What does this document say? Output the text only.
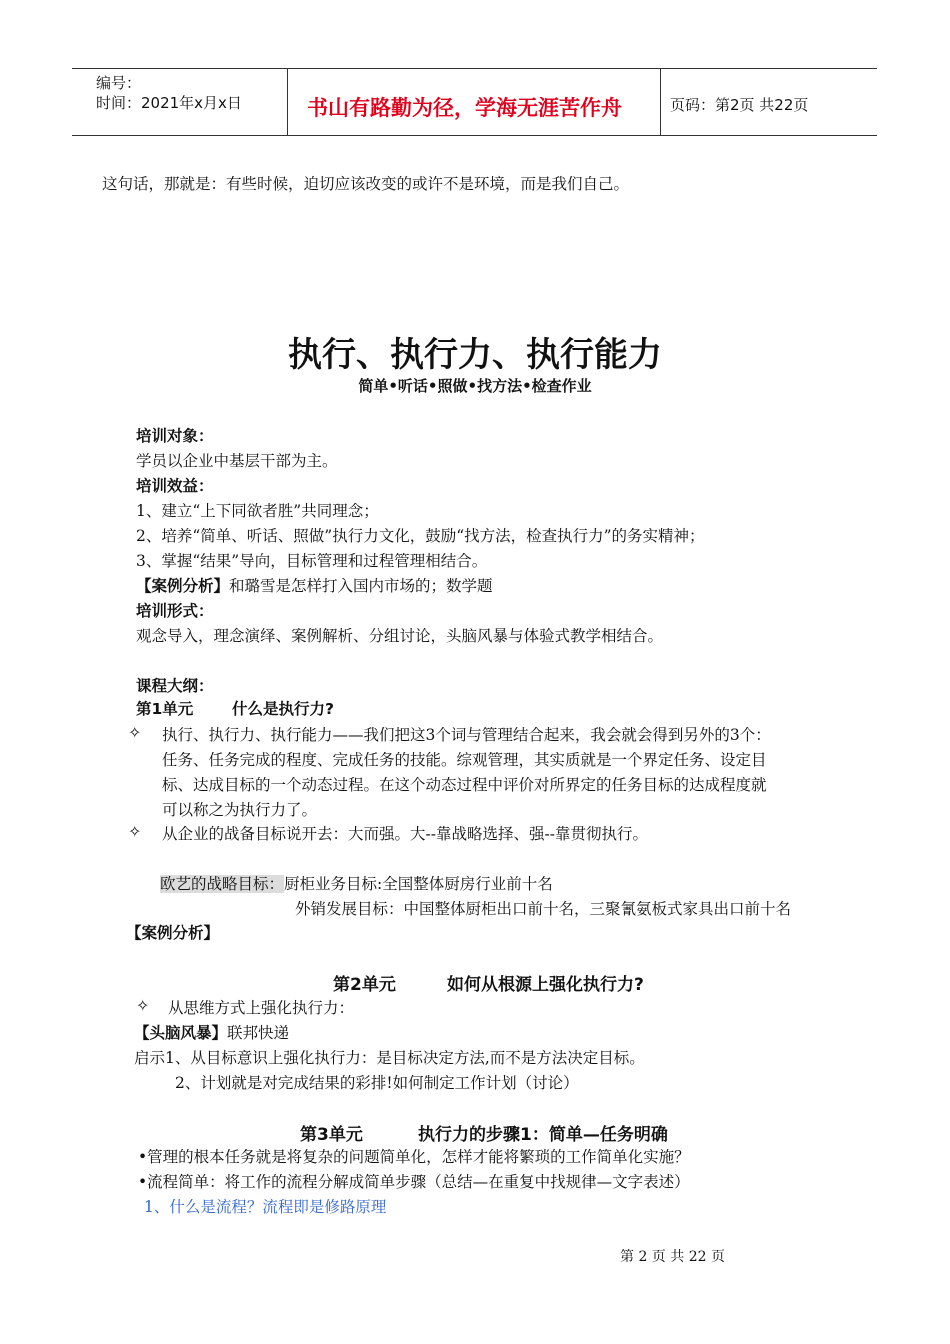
编号：
时间：2021年x月x日	书山有路勤为径，学海无涯苦作舟	页码：第2页 共22页
这句话，那就是：有些时候，迫切应该改变的或许不是环境，而是我们自己。
执行、执行力、执行能力
简单•听话•照做•找方法•检查作业
培训对象：
学员以企业中基层干部为主。
培训效益：
1、建立“上下同欲者胜”共同理念；
2、培养“简单、听话、照做”执行力文化，鼓励“找方法，检查执行力”的务实精神；
3、掌握“结果”导向，目标管理和过程管理相结合。
【案例分析】和璐雪是怎样打入国内市场的；数学题
培训形式：
观念导入，理念演绎、案例解析、分组讨论，头脑风暴与体验式教学相结合。
课程大纲：
第1单元 什么是执行力?
✧ 执行、执行力、执行能力——我们把这3个词与管理结合起来，我会就会得到另外的3个：
任务、任务完成的程度、完成任务的技能。综观管理，其实质就是一个界定任务、设定目
标、达成目标的一个动态过程。在这个动态过程中评价对所界定的任务目标的达成程度就
可以称之为执行力了。
✧ 从企业的战备目标说开去：大而强。大--靠战略选择、强--靠贯彻执行。
欧艺的战略目标：厨柜业务目标:全国整体厨房行业前十名
外销发展目标：中国整体厨柜出口前十名，三聚氰氨板式家具出口前十名
【案例分析】
第2单元	如何从根源上强化执行力?
✧ 从思维方式上强化执行力：
【头脑风暴】联邦快递
启示1、从目标意识上强化执行力：是目标决定方法,而不是方法决定目标。
2、计划就是对完成结果的彩排!如何制定工作计划（讨论）
第3单元	执行力的步骤1：简单—任务明确
•管理的根本任务就是将复杂的问题简单化，怎样才能将繁琐的工作简单化实施？
•流程简单：将工作的流程分解成简单步骤（总结—在重复中找规律—文字表述）
1、什么是流程？流程即是修路原理
第 2 页 共 22 页
